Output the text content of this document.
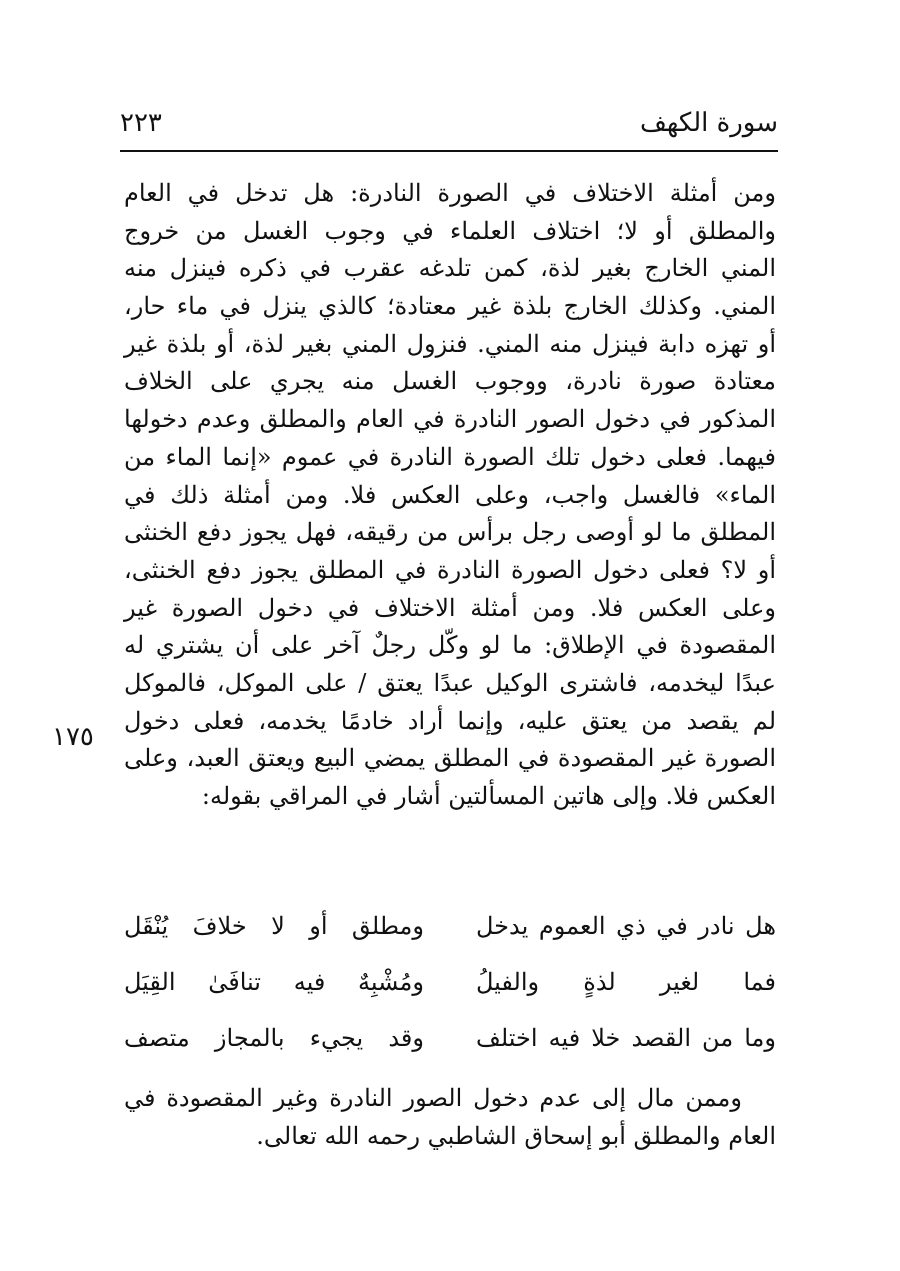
سورة الكهف
٢٢٣
١٧٥
ومن أمثلة الاختلاف في الصورة النادرة: هل تدخل في العام
والمطلق أو لا؛ اختلاف العلماء في وجوب الغسل من خروج
المني الخارج بغير لذة، كمن تلدغه عقرب في ذكره فينزل منه
المني. وكذلك الخارج بلذة غير معتادة؛ كالذي ينزل في ماء حار،
أو تهزه دابة فينزل منه المني. فنزول المني بغير لذة، أو بلذة غير
معتادة صورة نادرة، ووجوب الغسل منه يجري على الخلاف
المذكور في دخول الصور النادرة في العام والمطلق وعدم دخولها
فيهما. فعلى دخول تلك الصورة النادرة في عموم «إنما الماء من
الماء» فالغسل واجب، وعلى العكس فلا. ومن أمثلة ذلك في
المطلق ما لو أوصى رجل برأس من رقيقه، فهل يجوز دفع الخنثى
أو لا؟ فعلى دخول الصورة النادرة في المطلق يجوز دفع الخنثى،
وعلى العكس فلا. ومن أمثلة الاختلاف في دخول الصورة غير
المقصودة في الإطلاق: ما لو وكّل رجلٌ آخر على أن يشتري له
عبدًا ليخدمه، فاشترى الوكيل عبدًا يعتق / على الموكل، فالموكل
لم يقصد من يعتق عليه، وإنما أراد خادمًا يخدمه، فعلى دخول
الصورة غير المقصودة في المطلق يمضي البيع ويعتق العبد، وعلى
العكس فلا. وإلى هاتين المسألتين أشار في المراقي بقوله:
هل نادر في ذي العموم يدخل
ومطلق أو لا خلافَ يُنْقَل
فما لغير لذةٍ والفيلُ
ومُشْبِهٌ فيه تنافَىٰ القِيَل
وما من القصد خلا فيه اختلف
وقد يجيء بالمجاز متصف
وممن مال إلى عدم دخول الصور النادرة وغير المقصودة في
العام والمطلق أبو إسحاق الشاطبي رحمه الله تعالى.
